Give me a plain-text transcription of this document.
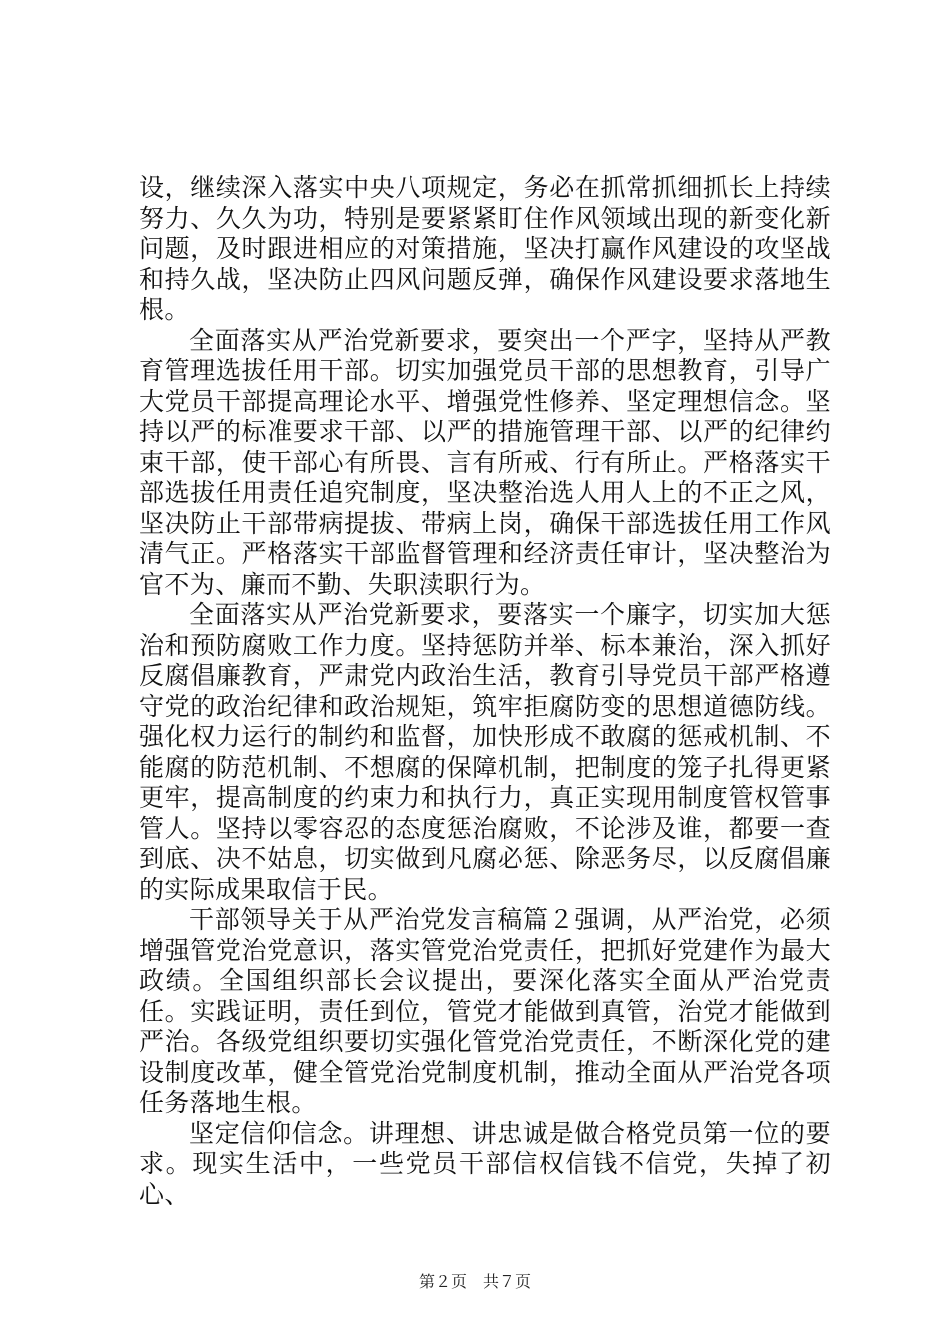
设，继续深入落实中央八项规定，务必在抓常抓细抓长上持续努力、久久为功，特别是要紧紧盯住作风领域出现的新变化新问题，及时跟进相应的对策措施，坚决打赢作风建设的攻坚战和持久战，坚决防止四风问题反弹，确保作风建设要求落地生根。

全面落实从严治党新要求，要突出一个严字，坚持从严教育管理选拔任用干部。切实加强党员干部的思想教育，引导广大党员干部提高理论水平、增强党性修养、坚定理想信念。坚持以严的标准要求干部、以严的措施管理干部、以严的纪律约束干部，使干部心有所畏、言有所戒、行有所止。严格落实干部选拔任用责任追究制度，坚决整治选人用人上的不正之风，坚决防止干部带病提拔、带病上岗，确保干部选拔任用工作风清气正。严格落实干部监督管理和经济责任审计，坚决整治为官不为、廉而不勤、失职渎职行为。

全面落实从严治党新要求，要落实一个廉字，切实加大惩治和预防腐败工作力度。坚持惩防并举、标本兼治，深入抓好反腐倡廉教育，严肃党内政治生活，教育引导党员干部严格遵守党的政治纪律和政治规矩，筑牢拒腐防变的思想道德防线。强化权力运行的制约和监督，加快形成不敢腐的惩戒机制、不能腐的防范机制、不想腐的保障机制，把制度的笼子扎得更紧更牢，提高制度的约束力和执行力，真正实现用制度管权管事管人。坚持以零容忍的态度惩治腐败，不论涉及谁，都要一查到底、决不姑息，切实做到凡腐必惩、除恶务尽，以反腐倡廉的实际成果取信于民。

干部领导关于从严治党发言稿篇２强调，从严治党，必须增强管党治党意识，落实管党治党责任，把抓好党建作为最大政绩。全国组织部长会议提出，要深化落实全面从严治党责任。实践证明，责任到位，管党才能做到真管，治党才能做到严治。各级党组织要切实强化管党治党责任，不断深化党的建设制度改革，健全管党治党制度机制，推动全面从严治党各项任务落地生根。

坚定信仰信念。讲理想、讲忠诚是做合格党员第一位的要求。现实生活中，一些党员干部信权信钱不信党，失掉了初心、

第２页　共７页
